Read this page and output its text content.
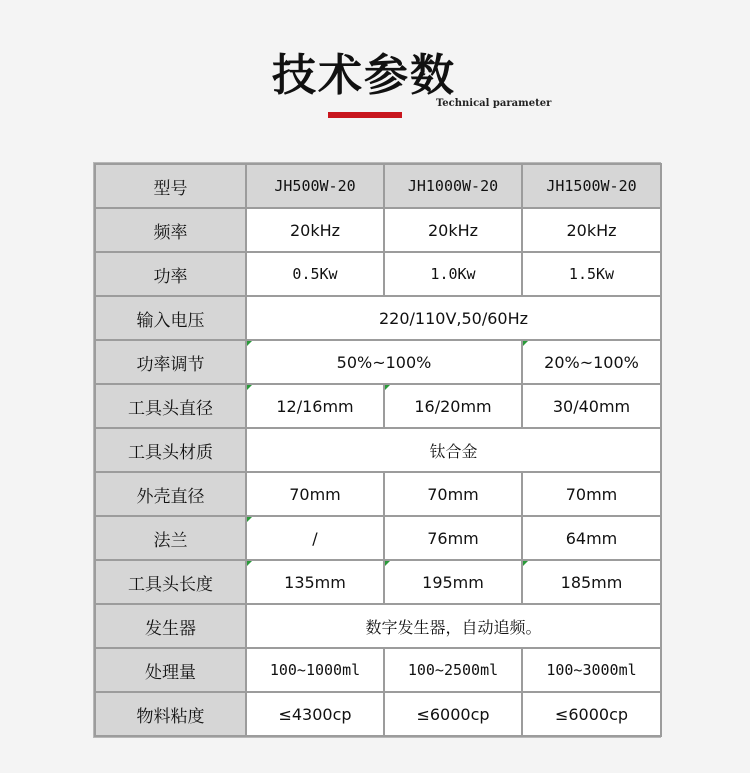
技术参数
Technical parameter
型号	JH500W-20	JH1000W-20	JH1500W-20
频率	20kHz	20kHz	20kHz
功率	0.5Kw	1.0Kw	1.5Kw
输入电压	220/110V,50/60Hz		
功率调节	50%~100%		20%~100%
工具头直径	12/16mm	16/20mm	30/40mm
工具头材质	钛合金		
外壳直径	70mm	70mm	70mm
法兰	/	76mm	64mm
工具头长度	135mm	195mm	185mm
发生器	数字发生器，自动追频。		
处理量	100~1000ml	100~2500ml	100~3000ml
物料粘度	≤4300cp	≤6000cp	≤6000cp
